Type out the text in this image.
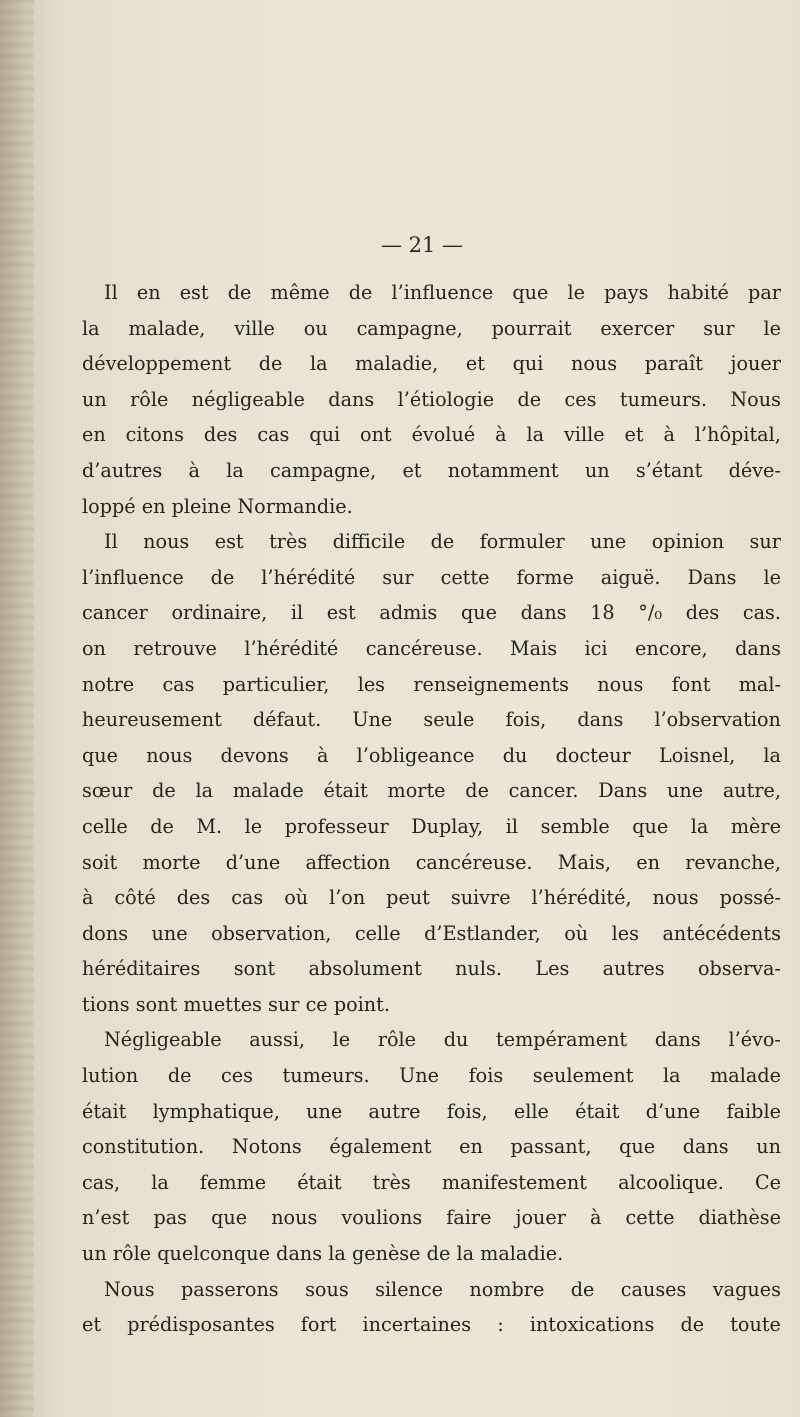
— 21 —
Il en est de même de l’influence que le pays habité par
la malade, ville ou campagne, pourrait exercer sur le
développement de la maladie, et qui nous paraît jouer
un rôle négligeable dans l’étiologie de ces tumeurs. Nous
en citons des cas qui ont évolué à la ville et à l’hôpital,
d’autres à la campagne, et notamment un s’étant déve-
loppé en pleine Normandie.
Il nous est très difficile de formuler une opinion sur
l’influence de l’hérédité sur cette forme aiguë. Dans le
cancer ordinaire, il est admis que dans 18 °/₀ des cas.
on retrouve l’hérédité cancéreuse. Mais ici encore, dans
notre cas particulier, les renseignements nous font mal-
heureusement défaut. Une seule fois, dans l’observation
que nous devons à l’obligeance du docteur Loisnel, la
sœur de la malade était morte de cancer. Dans une autre,
celle de M. le professeur Duplay, il semble que la mère
soit morte d’une affection cancéreuse. Mais, en revanche,
à côté des cas où l’on peut suivre l’hérédité, nous possé-
dons une observation, celle d’Estlander, où les antécédents
héréditaires sont absolument nuls. Les autres observa-
tions sont muettes sur ce point.
Négligeable aussi, le rôle du tempérament dans l’évo-
lution de ces tumeurs. Une fois seulement la malade
était lymphatique, une autre fois, elle était d’une faible
constitution. Notons également en passant, que dans un
cas, la femme était très manifestement alcoolique. Ce
n’est pas que nous voulions faire jouer à cette diathèse
un rôle quelconque dans la genèse de la maladie.
Nous passerons sous silence nombre de causes vagues
et prédisposantes fort incertaines : intoxications de toute
